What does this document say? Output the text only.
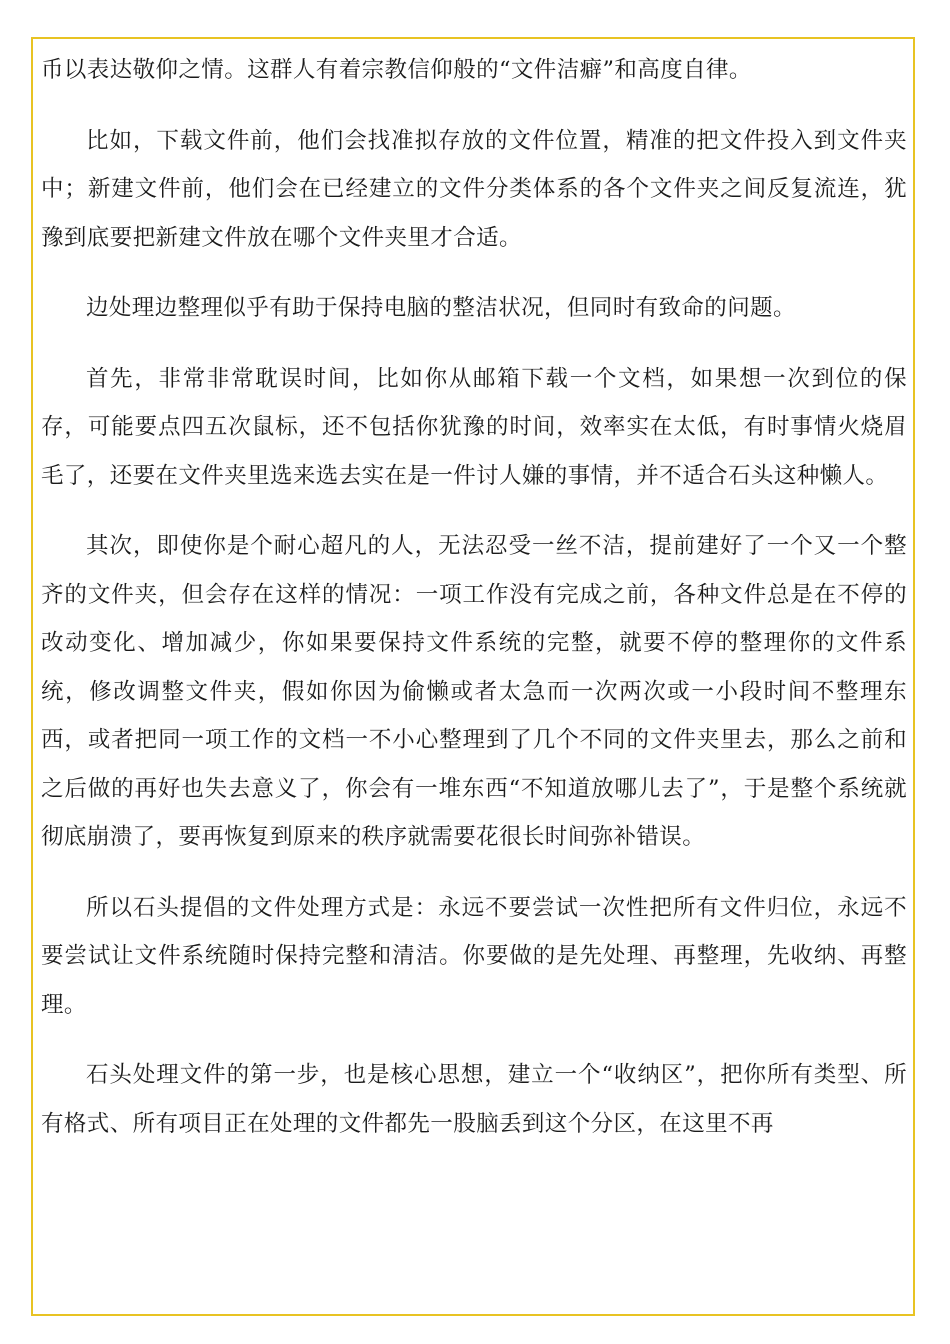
币以表达敬仰之情。这群人有着宗教信仰般的“文件洁癖”和高度自律。

比如，下载文件前，他们会找准拟存放的文件位置，精准的把文件投入到文件夹中；新建文件前，他们会在已经建立的文件分类体系的各个文件夹之间反复流连，犹豫到底要把新建文件放在哪个文件夹里才合适。

边处理边整理似乎有助于保持电脑的整洁状况，但同时有致命的问题。

首先，非常非常耽误时间，比如你从邮箱下载一个文档，如果想一次到位的保存，可能要点四五次鼠标，还不包括你犹豫的时间，效率实在太低，有时事情火烧眉毛了，还要在文件夹里选来选去实在是一件讨人嫌的事情，并不适合石头这种懒人。

其次，即使你是个耐心超凡的人，无法忍受一丝不洁，提前建好了一个又一个整齐的文件夹，但会存在这样的情况：一项工作没有完成之前，各种文件总是在不停的改动变化、增加减少，你如果要保持文件系统的完整，就要不停的整理你的文件系统，修改调整文件夹，假如你因为偷懒或者太急而一次两次或一小段时间不整理东西，或者把同一项工作的文档一不小心整理到了几个不同的文件夹里去，那么之前和之后做的再好也失去意义了，你会有一堆东西“不知道放哪儿去了”，于是整个系统就彻底崩溃了，要再恢复到原来的秩序就需要花很长时间弥补错误。

所以石头提倡的文件处理方式是：永远不要尝试一次性把所有文件归位，永远不要尝试让文件系统随时保持完整和清洁。你要做的是先处理、再整理，先收纳、再整理。

石头处理文件的第一步，也是核心思想，建立一个“收纳区”，把你所有类型、所有格式、所有项目正在处理的文件都先一股脑丢到这个分区，在这里不再
